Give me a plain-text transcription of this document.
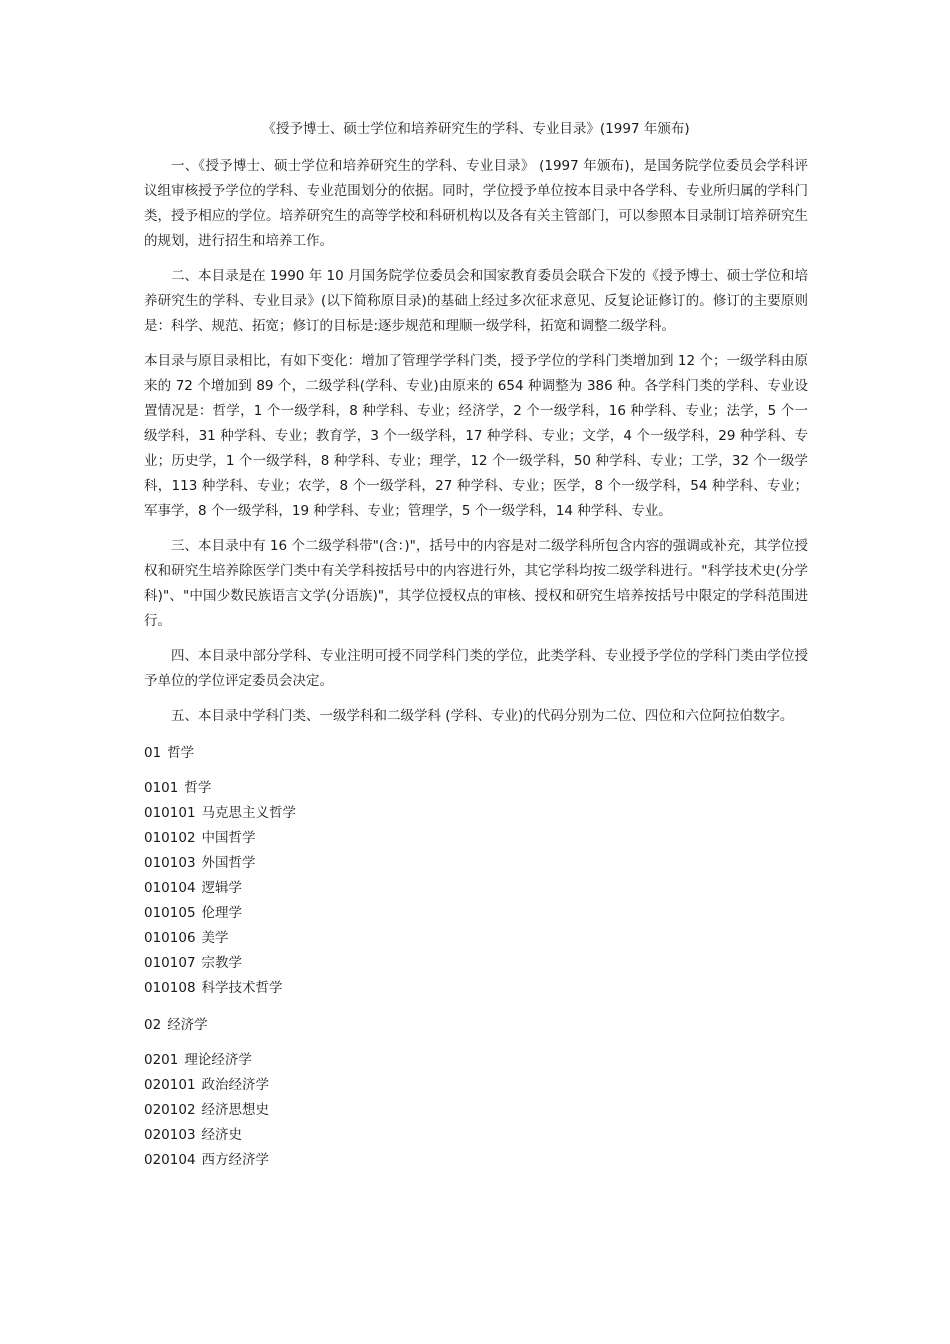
《授予博士、硕士学位和培养研究生的学科、专业目录》(1997 年颁布)

一、《授予博士、硕士学位和培养研究生的学科、专业目录》 (1997 年颁布)，是国务院学位委员会学科评议组审核授予学位的学科、专业范围划分的依据。同时，学位授予单位按本目录中各学科、专业所归属的学科门类，授予相应的学位。培养研究生的高等学校和科研机构以及各有关主管部门，可以参照本目录制订培养研究生的规划，进行招生和培养工作。

二、本目录是在 1990 年 10 月国务院学位委员会和国家教育委员会联合下发的《授予博士、硕士学位和培养研究生的学科、专业目录》(以下简称原目录)的基础上经过多次征求意见、反复论证修订的。修订的主要原则是：科学、规范、拓宽；修订的目标是:逐步规范和理顺一级学科，拓宽和调整二级学科。

本目录与原目录相比，有如下变化：增加了管理学学科门类，授予学位的学科门类增加到 12 个；一级学科由原来的 72 个增加到 89 个，二级学科(学科、专业)由原来的 654 种调整为 386 种。各学科门类的学科、专业设置情况是：哲学，1 个一级学科，8 种学科、专业；经济学，2 个一级学科，16 种学科、专业；法学，5 个一级学科，31 种学科、专业；教育学，3 个一级学科，17 种学科、专业；文学，4 个一级学科，29 种学科、专业；历史学，1 个一级学科，8 种学科、专业；理学，12 个一级学科，50 种学科、专业；工学，32 个一级学科，113 种学科、专业；农学，8 个一级学科，27 种学科、专业；医学，8 个一级学科，54 种学科、专业；军事学，8 个一级学科，19 种学科、专业；管理学，5 个一级学科，14 种学科、专业。

三、本目录中有 16 个二级学科带"(含：)"，括号中的内容是对二级学科所包含内容的强调或补充，其学位授权和研究生培养除医学门类中有关学科按括号中的内容进行外，其它学科均按二级学科进行。"科学技术史(分学科)"、"中国少数民族语言文学(分语族)"，其学位授权点的审核、授权和研究生培养按括号中限定的学科范围进行。

四、本目录中部分学科、专业注明可授不同学科门类的学位，此类学科、专业授予学位的学科门类由学位授予单位的学位评定委员会决定。

五、本目录中学科门类、一级学科和二级学科 (学科、专业)的代码分别为二位、四位和六位阿拉伯数字。

01 哲学
0101 哲学
010101 马克思主义哲学
010102 中国哲学
010103 外国哲学
010104 逻辑学
010105 伦理学
010106 美学
010107 宗教学
010108 科学技术哲学
02 经济学
0201 理论经济学
020101 政治经济学
020102 经济思想史
020103 经济史
020104 西方经济学
